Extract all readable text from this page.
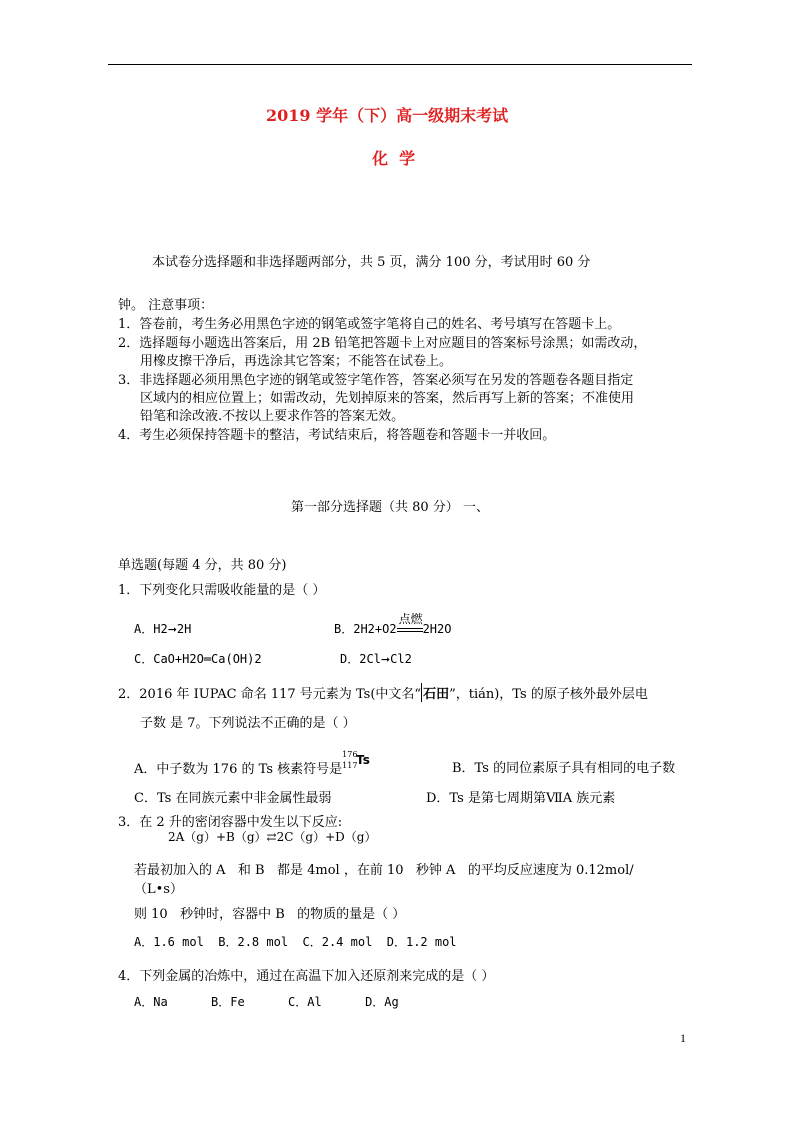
2019 学年（下）高一级期末考试
化  学
本试卷分选择题和非选择题两部分，共 5 页，满分 100 分，考试用时 60 分
钟。 注意事项：
1．答卷前，考生务必用黑色字迹的钢笔或签字笔将自己的姓名、考号填写在答题卡上。
2．选择题每小题选出答案后，用 2B 铅笔把答题卡上对应题目的答案标号涂黑；如需改动，
用橡皮擦干净后，再选涂其它答案；不能答在试卷上。
3．非选择题必须用黑色字迹的钢笔或签字笔作答，答案必须写在另发的答题卷各题目指定
区域内的相应位置上；如需改动，先划掉原来的答案，然后再写上新的答案；不准使用
铅笔和涂改液.不按以上要求作答的答案无效。
4．考生必须保持答题卡的整洁，考试结束后，将答题卷和答题卡一并收回。
第一部分选择题（共 80 分） 一、
单选题(每题 4 分，共 80 分)
1．下列变化只需吸收能量的是（ ）
A．H2➞2H	B．2H2+O2
点燃
2H2O
C．CaO+H2O═Ca(OH)2	D．2Cl➞Cl2
2．2016 年 IUPAC 命名 117 号元素为 Ts(中文名“ 石田”，tián)，Ts 的原子核外最外层电
子数 是 7。下列说法不正确的是（ ）
A．中子数为 176 的 Ts 核素符号是
176
117
Ts
B．Ts 的同位素原子具有相同的电子数
C．Ts 在同族元素中非金属性最弱	D．Ts 是第七周期第ⅦA 族元素
3．在 2 升的密闭容器中发生以下反应:
2A（g）+B（g）⇄2C（g）+D（g）
若最初加入的 A   和 B   都是 4mol ，在前 10   秒钟 A   的平均反应速度为 0.12mol/
（L•s）
则 10   秒钟时，容器中 B   的物质的量是（ ）
A．1.6 mol  B．2.8 mol  C．2.4 mol  D．1.2 mol
4．下列金属的冶炼中，通过在高温下加入还原剂来完成的是（ ）
A．Na      B．Fe      C．Al      D．Ag
1
